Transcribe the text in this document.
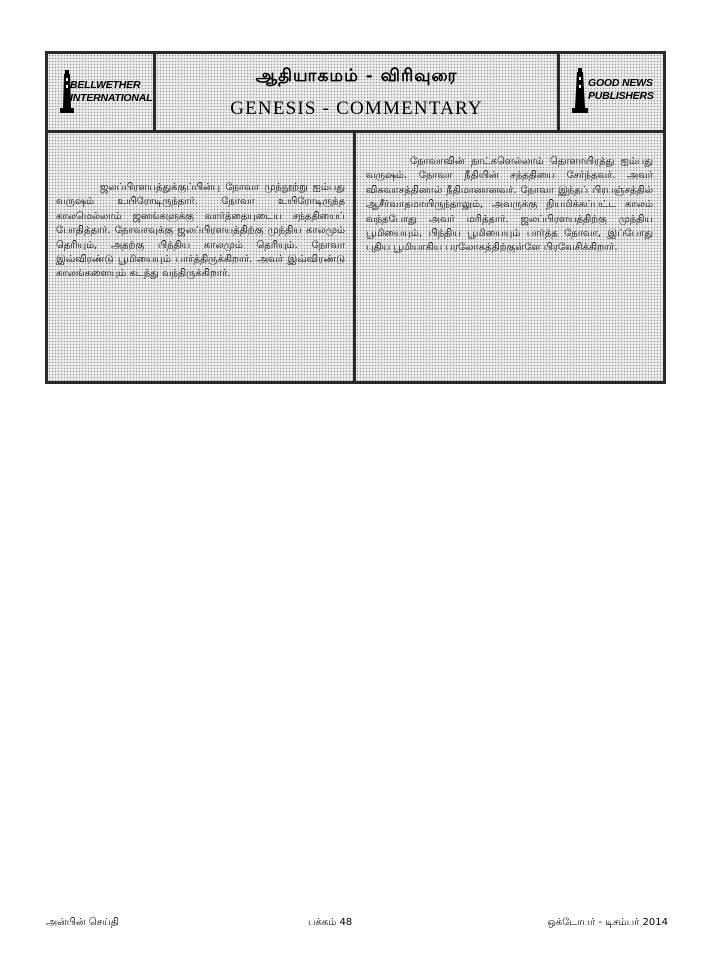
BELLWETHER
INTERNATIONAL
ஆதியாகமம் - விரிவுரை
GENESIS - COMMENTARY
GOOD NEWS
PUBLISHERS

ஜலப்பிரளயத்துக்குப்பின்பு நோவா முந்நூற்று ஐம்பது வருஷம் உயிரோடிருந்தார். நோவா உயிரோடிருந்த காலமெல்லாம் ஜனங்களுக்கு வார்த்தையுடைய சந்ததியைப் போதித்தார். நோவாவுக்கு ஜலப்பிரளயத்திற்கு முந்திய காலமும் தெரியும், அதற்கு பிந்திய காலமும் தெரியும். நோவா இவ்விரண்டு பூமியையும் பார்த்திருக்கிறார். அவர் இவ்விரண்டு காலங்களையும் கடந்து வந்திருக்கிறார்.

நோவாவின் நாட்களெல்லாம் தொளாயிரத்து ஐம்பது வருஷம். நோவா நீதியின் சந்ததியை சேர்ந்தவர். அவர் விசுவாசத்தினால் நீதிமானானவர். நோவா இந்தப் பிரபஞ்சத்தில் ஆசீர்வாதமாயிருந்தாலும், அவருக்கு நியமிக்கப்பட்ட காலம் வந்தபோது அவர் மரித்தார். ஜலப்பிரளயத்திற்கு முந்திய பூமியையும், பிந்திய பூமியையும் பார்த்த நோவா, இப்போது புதிய பூமியாகிய பரலோகத்திற்குள்ளே பிரவேசிக்கிறார்.

அன்பின் செய்தி	பக்கம் 48	ஒக்டோபர் - டிசம்பர் 2014
